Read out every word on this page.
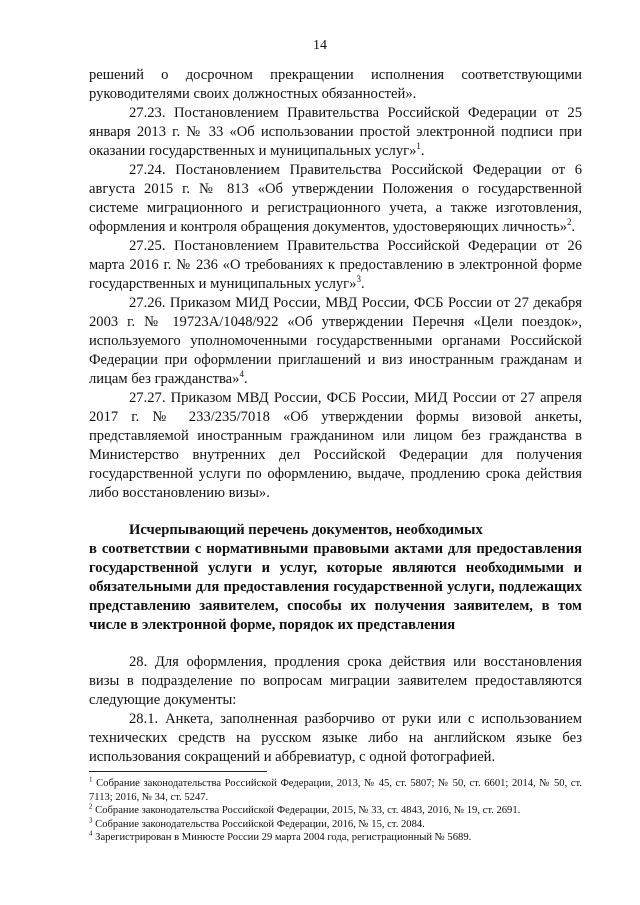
14

решений о досрочном прекращении исполнения соответствующими руководителями своих должностных обязанностей».

27.23. Постановлением Правительства Российской Федерации от 25 января 2013 г. № 33 «Об использовании простой электронной подписи при оказании государственных и муниципальных услуг»$^1$.

27.24. Постановлением Правительства Российской Федерации от 6 августа 2015 г. № 813 «Об утверждении Положения о государственной системе миграционного и регистрационного учета, а также изготовления, оформления и контроля обращения документов, удостоверяющих личность»$^2$.

27.25. Постановлением Правительства Российской Федерации от 26 марта 2016 г. № 236 «О требованиях к предоставлению в электронной форме государственных и муниципальных услуг»$^3$.

27.26. Приказом МИД России, МВД России, ФСБ России от 27 декабря 2003 г. № 19723А/1048/922 «Об утверждении Перечня «Цели поездок», используемого уполномоченными государственными органами Российской Федерации при оформлении приглашений и виз иностранным гражданам и лицам без гражданства»$^4$.

27.27. Приказом МВД России, ФСБ России, МИД России от 27 апреля 2017 г. № 233/235/7018 «Об утверждении формы визовой анкеты, представляемой иностранным гражданином или лицом без гражданства в Министерство внутренних дел Российской Федерации для получения государственной услуги по оформлению, выдаче, продлению срока действия либо восстановлению визы».

Исчерпывающий перечень документов, необходимых
в соответствии с нормативными правовыми актами для предоставления государственной услуги и услуг, которые являются необходимыми и обязательными для предоставления государственной услуги, подлежащих представлению заявителем, способы их получения заявителем, в том числе в электронной форме, порядок их представления

28. Для оформления, продления срока действия или восстановления визы в подразделение по вопросам миграции заявителем предоставляются следующие документы:

28.1. Анкета, заполненная разборчиво от руки или с использованием технических средств на русском языке либо на английском языке без использования сокращений и аббревиатур, с одной фотографией.

$^1$ Собрание законодательства Российской Федерации, 2013, № 45, ст. 5807; № 50, ст. 6601; 2014, № 50, ст. 7113; 2016, № 34, ст. 5247.

$^2$ Собрание законодательства Российской Федерации, 2015, № 33, ст. 4843, 2016, № 19, ст. 2691.

$^3$ Собрание законодательства Российской Федерации, 2016, № 15, ст. 2084.

$^4$ Зарегистрирован в Минюсте России 29 марта 2004 года, регистрационный № 5689.
